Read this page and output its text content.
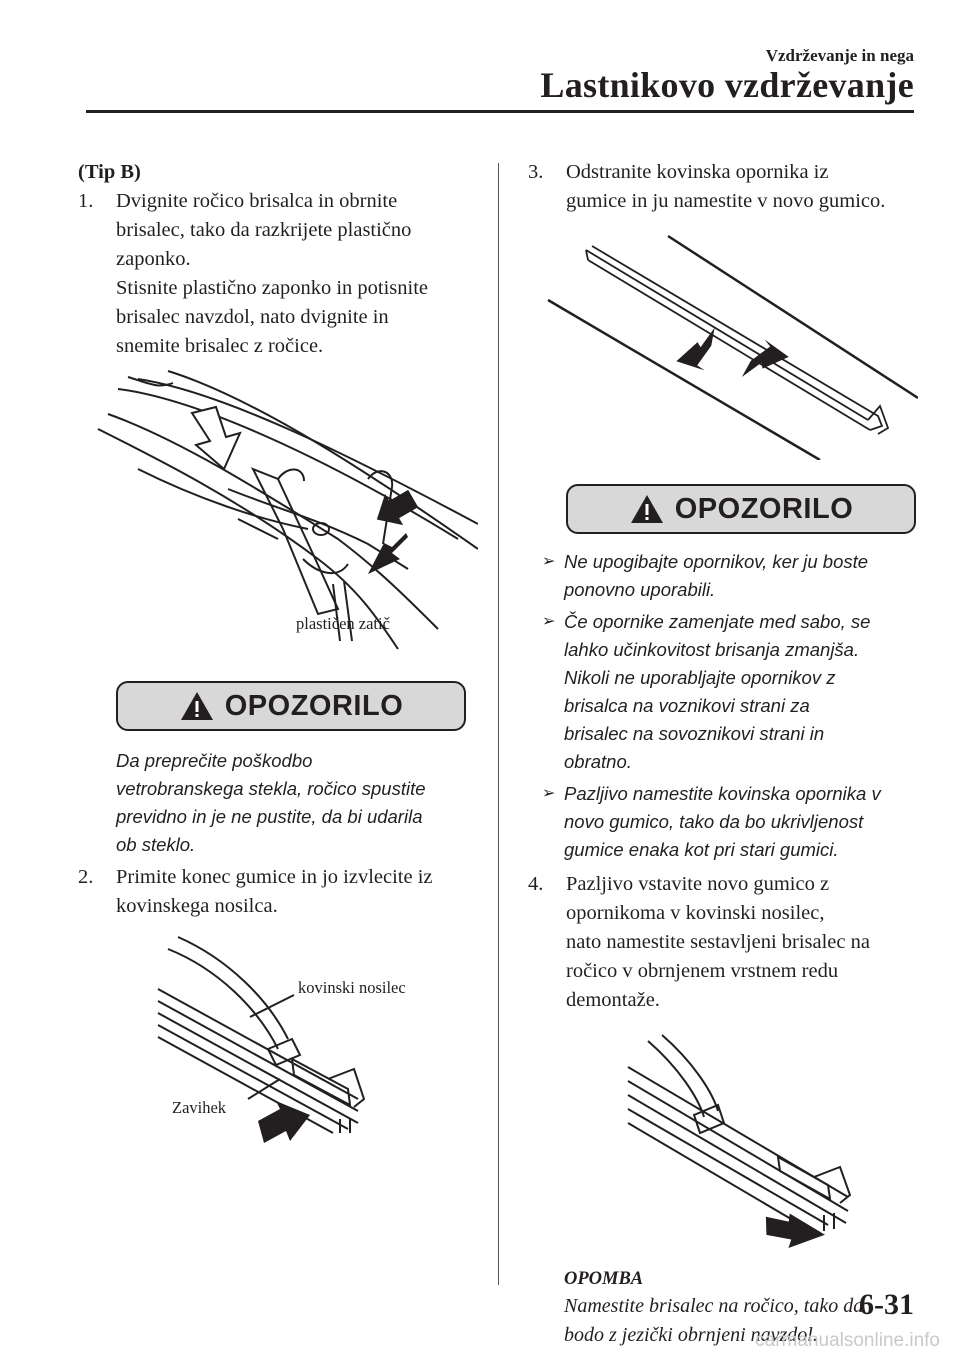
Vzdrževanje in nega
Lastnikovo vzdrževanje
(Tip B)
1. Dvignite ročico brisalca in obrnite
brisalec, tako da razkrijete plastično
zaponko.
Stisnite plastično zaponko in potisnite
brisalec navzdol, nato dvignite in
snemite brisalec z ročice.
plastičen zatič
OPOZORILO
Da preprečite poškodbo
vetrobranskega stekla, ročico spustite
previdno in je ne pustite, da bi udarila
ob steklo.
2. Primite konec gumice in jo izvlecite iz
kovinskega nosilca.
kovinski nosilec
Zavihek
3. Odstranite kovinska opornika iz
gumice in ju namestite v novo gumico.
OPOZORILO
➢ Ne upogibajte opornikov, ker ju boste
ponovno uporabili.
➢ Če opornike zamenjate med sabo, se
lahko učinkovitost brisanja zmanjša.
Nikoli ne uporabljajte opornikov z
brisalca na voznikovi strani za
brisalec na sovoznikovi strani in
obratno.
➢ Pazljivo namestite kovinska opornika v
novo gumico, tako da bo ukrivljenost
gumice enaka kot pri stari gumici.
4. Pazljivo vstavite novo gumico z
opornikoma v kovinski nosilec,
nato namestite sestavljeni brisalec na
ročico v obrnjenem vrstnem redu
demontaže.
OPOMBA
Namestite brisalec na ročico, tako da
bodo z jezički obrnjeni navzdol.
6-31
carmanualsonline.info
